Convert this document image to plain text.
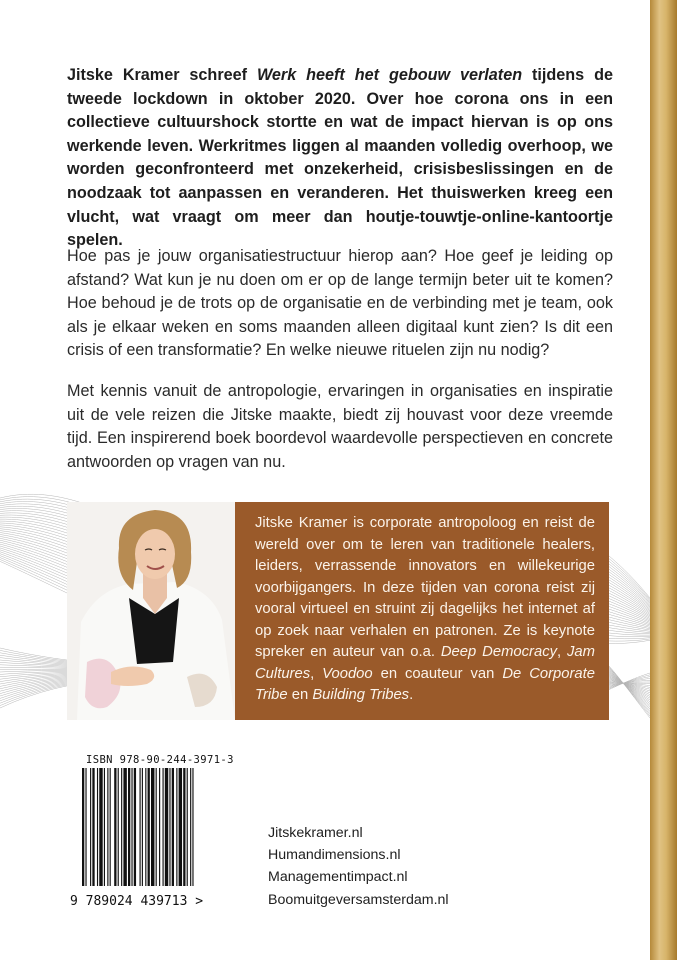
Jitske Kramer schreef Werk heeft het gebouw verlaten tijdens de tweede lockdown in oktober 2020. Over hoe corona ons in een collectieve cultuurshock stortte en wat de impact hiervan is op ons werkende leven. Werkritmes liggen al maanden volledig overhoop, we worden geconfronteerd met onzekerheid, crisisbeslissingen en de noodzaak tot aanpassen en veranderen. Het thuiswerken kreeg een vlucht, wat vraagt om meer dan houtje-touwtje-online-kantoortje spelen.

Hoe pas je jouw organisatiestructuur hierop aan? Hoe geef je leiding op afstand? Wat kun je nu doen om er op de lange termijn beter uit te komen? Hoe behoud je de trots op de organisatie en de verbinding met je team, ook als je elkaar weken en soms maanden alleen digitaal kunt zien? Is dit een crisis of een transformatie? En welke nieuwe rituelen zijn nu nodig?

Met kennis vanuit de antropologie, ervaringen in organisaties en inspiratie uit de vele reizen die Jitske maakte, biedt zij houvast voor deze vreemde tijd. Een inspirerend boek boordevol waardevolle perspectieven en concrete antwoorden op vragen van nu.

Jitske Kramer is corporate antropoloog en reist de wereld over om te leren van traditionele healers, leiders, verrassende innovators en willekeurige voorbijgangers. In deze tijden van corona reist zij vooral virtueel en struint zij dagelijks het internet af op zoek naar verhalen en patronen. Ze is keynote spreker en auteur van o.a. Deep Democracy, Jam Cultures, Voodoo en coauteur van De Corporate Tribe en Building Tribes.

ISBN 978-90-244-3971-3
9 789024 439713 >
Jitskekramer.nl
Humandimensions.nl
Managementimpact.nl
Boomuitgeversamsterdam.nl
